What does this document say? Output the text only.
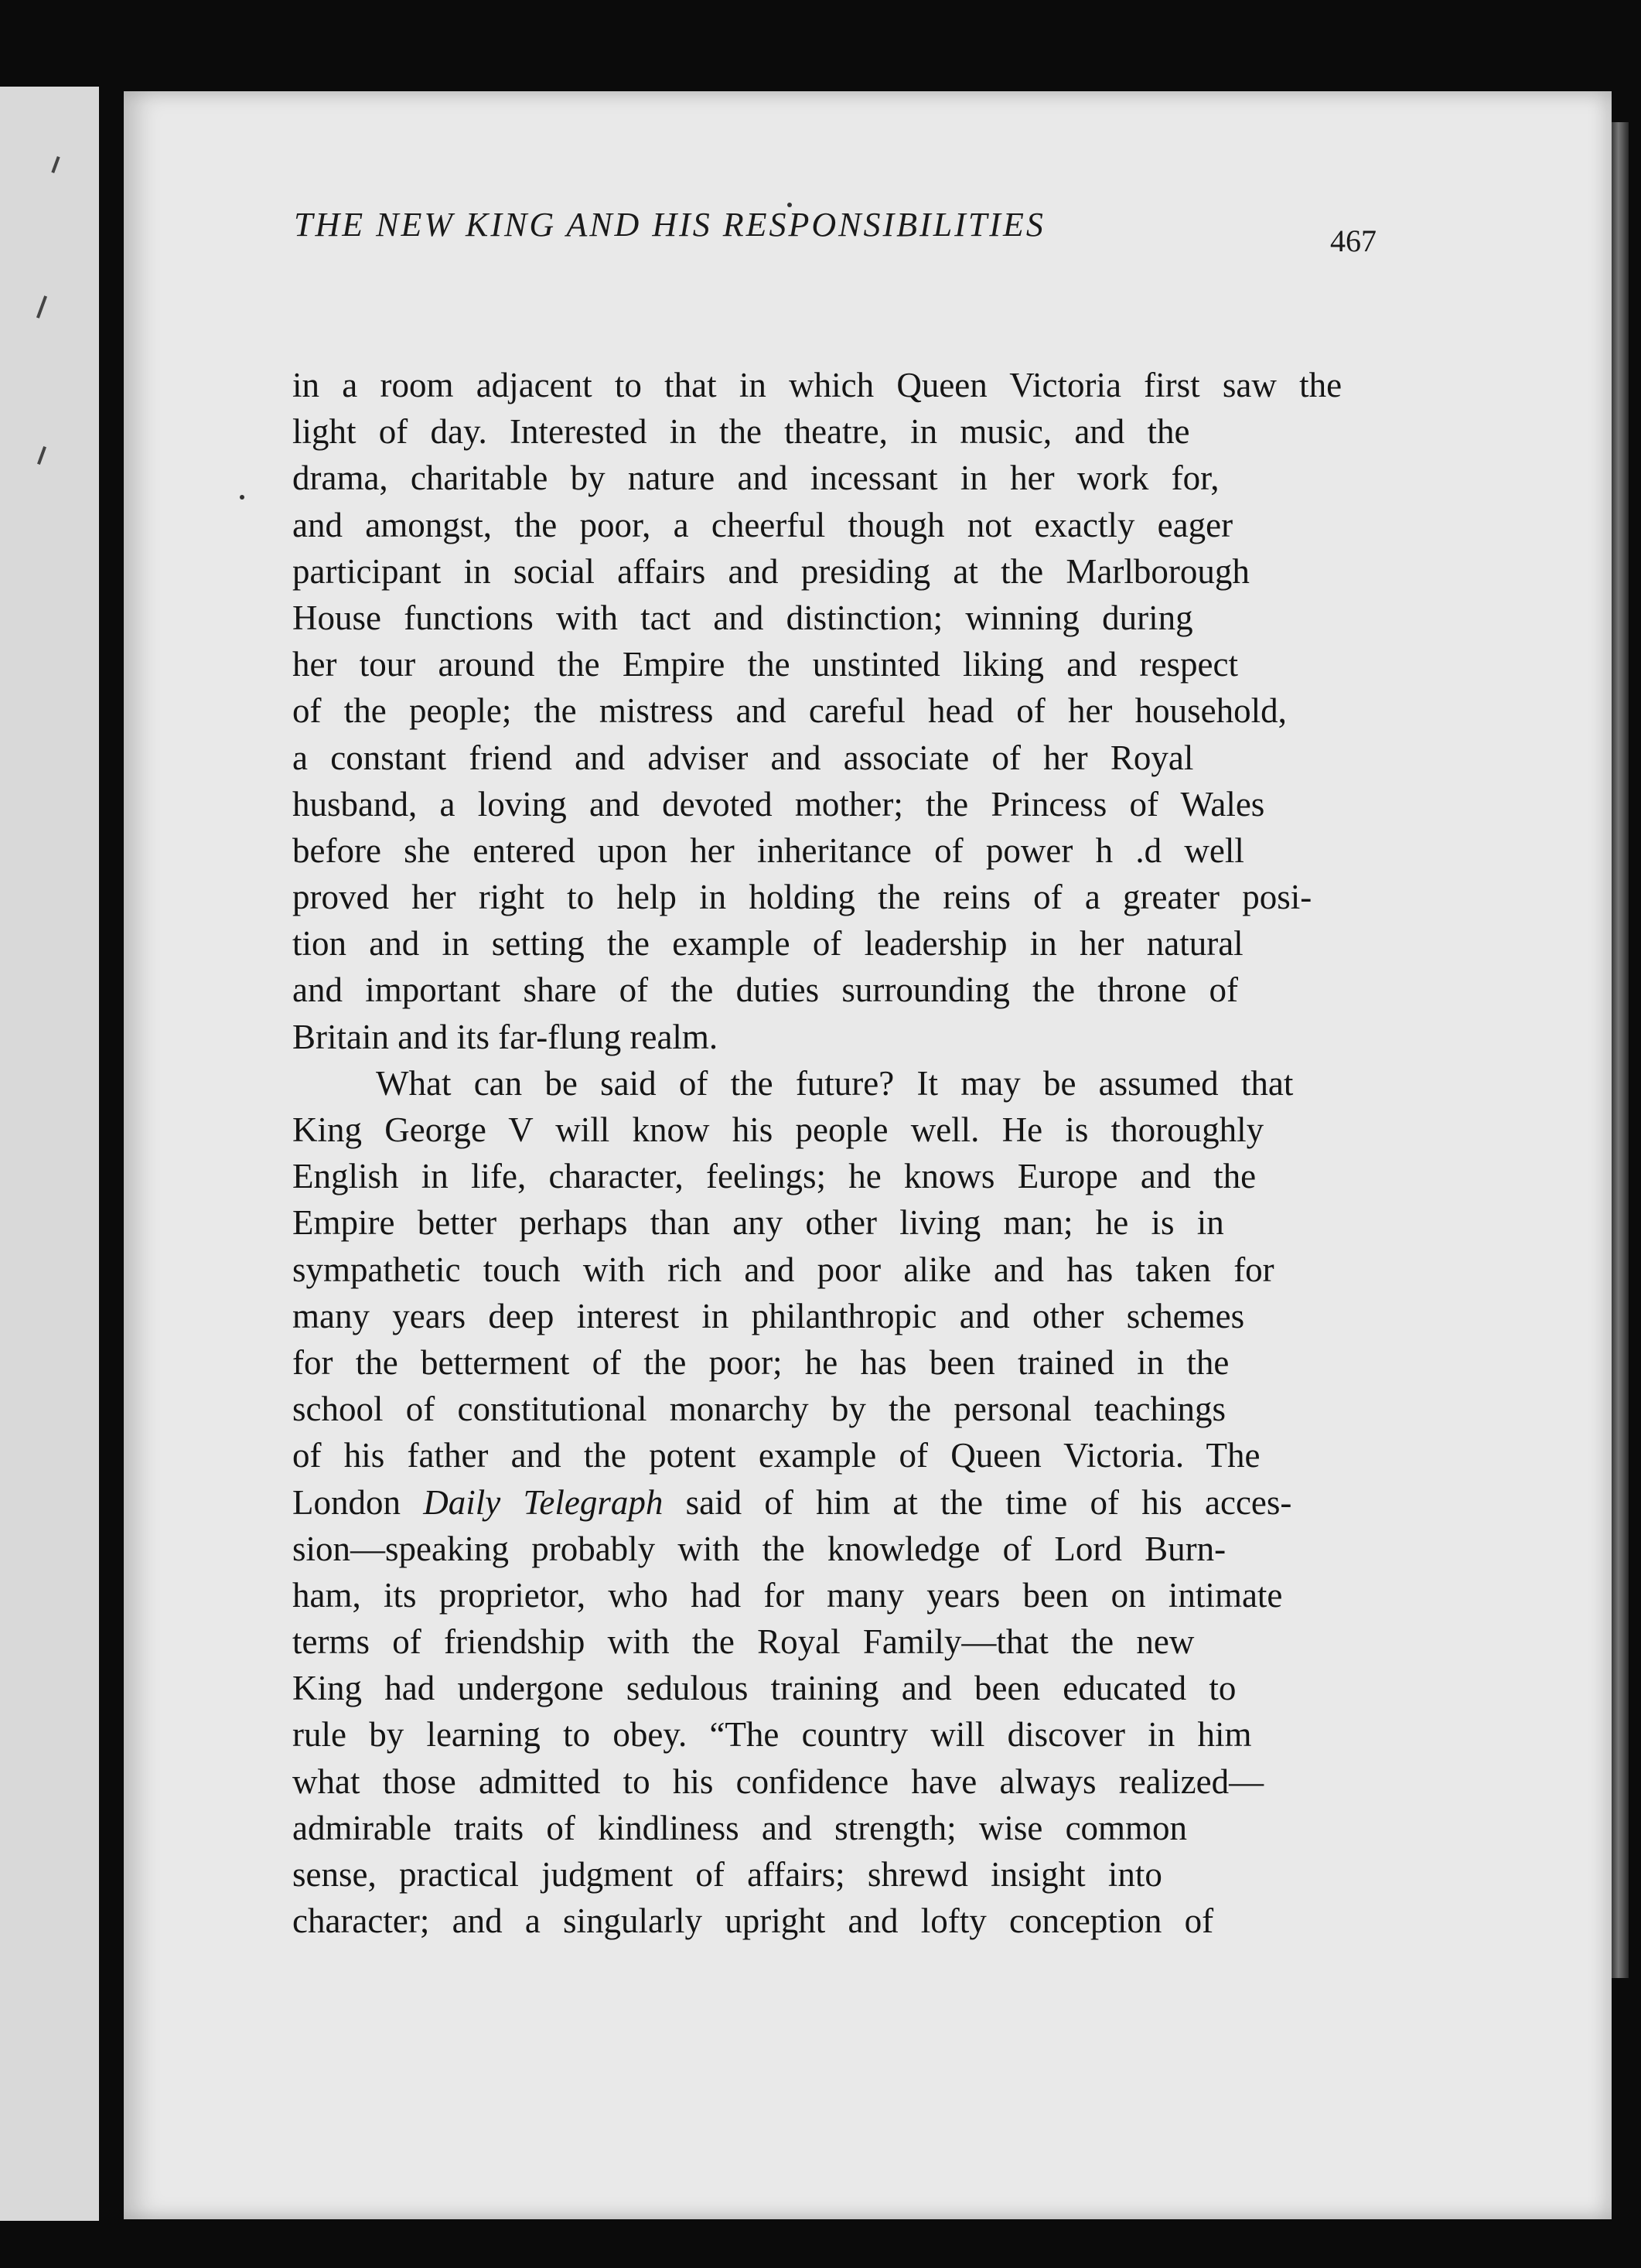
THE NEW KING AND HIS RESPONSIBILITIES	467
in a room adjacent to that in which Queen Victoria first saw the
light of day. Interested in the theatre, in music, and the
drama, charitable by nature and incessant in her work for,
and amongst, the poor, a cheerful though not exactly eager
participant in social affairs and presiding at the Marlborough
House functions with tact and distinction; winning during
her tour around the Empire the unstinted liking and respect
of the people; the mistress and careful head of her household,
a constant friend and adviser and associate of her Royal
husband, a loving and devoted mother; the Princess of Wales
before she entered upon her inheritance of power h .d well
proved her right to help in holding the reins of a greater posi-
tion and in setting the example of leadership in her natural
and important share of the duties surrounding the throne of
Britain and its far-flung realm.
What can be said of the future? It may be assumed that
King George V will know his people well. He is thoroughly
English in life, character, feelings; he knows Europe and the
Empire better perhaps than any other living man; he is in
sympathetic touch with rich and poor alike and has taken for
many years deep interest in philanthropic and other schemes
for the betterment of the poor; he has been trained in the
school of constitutional monarchy by the personal teachings
of his father and the potent example of Queen Victoria. The
London Daily Telegraph said of him at the time of his acces-
sion—speaking probably with the knowledge of Lord Burn-
ham, its proprietor, who had for many years been on intimate
terms of friendship with the Royal Family—that the new
King had undergone sedulous training and been educated to
rule by learning to obey. “The country will discover in him
what those admitted to his confidence have always realized—
admirable traits of kindliness and strength; wise common
sense, practical judgment of affairs; shrewd insight into
character; and a singularly upright and lofty conception of
